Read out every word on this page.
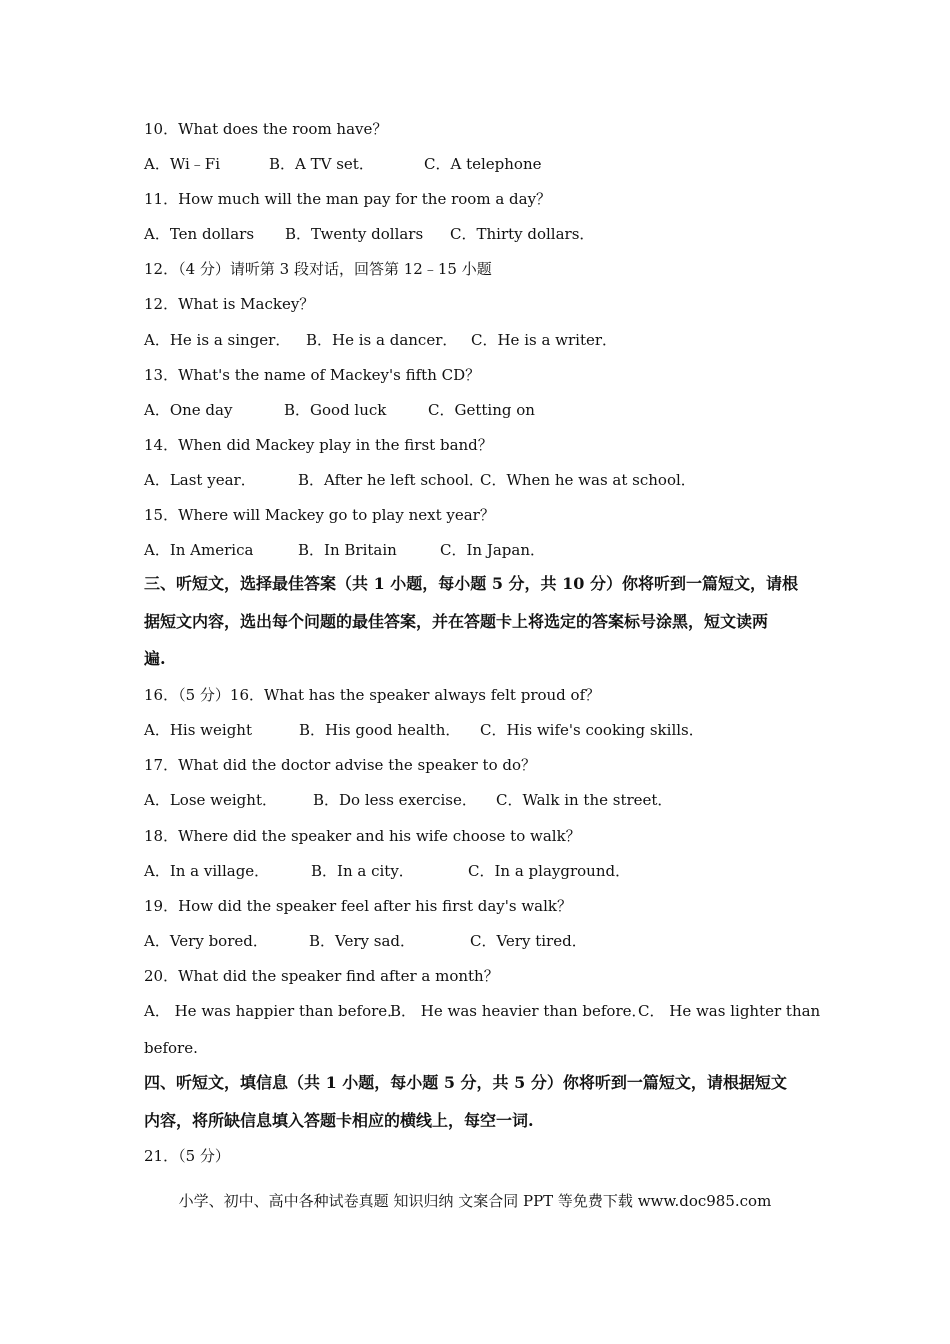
10．What does the room have？
A．Wi﹣Fi	B．A TV set．	C．A telephone
11．How much will the man pay for the room a day？
A．Ten dollars B．Twenty dollars C．Thirty dollars．
12．（4 分）请听第 3 段对话，回答第 12﹣15 小题
12．What is Mackey？
A．He is a singer． B．He is a dancer． C．He is a writer．
13．What's the name of Mackey's fifth CD？
A．One day	B．Good luck	C．Getting on
14．When did Mackey play in the first band？
A．Last year．	B．After he left school．
C．When he was at school．
15．Where will Mackey go to play next year？
A．In America	B．In Britain	C．In Japan．
三、听短文，选择最佳答案（共 1 小题，每小题 5 分，共 10 分）你将听到一篇短文，请根
据短文内容，选出每个问题的最佳答案，并在答题卡上将选定的答案标号涂黑，短文读两
遍.
16．（5 分）16．What has the speaker always felt proud of？
A．His weight	B．His good health． C．His wife's cooking skills．
17．What did the doctor advise the speaker to do？
A．Lose weight． B．Do less exercise． C．Walk in the street．
18．Where did the speaker and his wife choose to walk？
A．In a village．	B．In a city．	C．In a playground．
19．How did the speaker feel after his first day's walk？
A．Very bored．	B．Very sad．	C．Very tired．
20．What did the speaker find after a month？
A． He was happier than before．
B． He was heavier than before．
C． He was lighter than
before.
四、听短文，填信息（共 1 小题，每小题 5 分，共 5 分）你将听到一篇短文，请根据短文
内容，将所缺信息填入答题卡相应的横线上，每空一词.
21．（5 分）
小学、初中、高中各种试卷真题 知识归纳 文案合同 PPT 等免费下载 www.doc985.com
